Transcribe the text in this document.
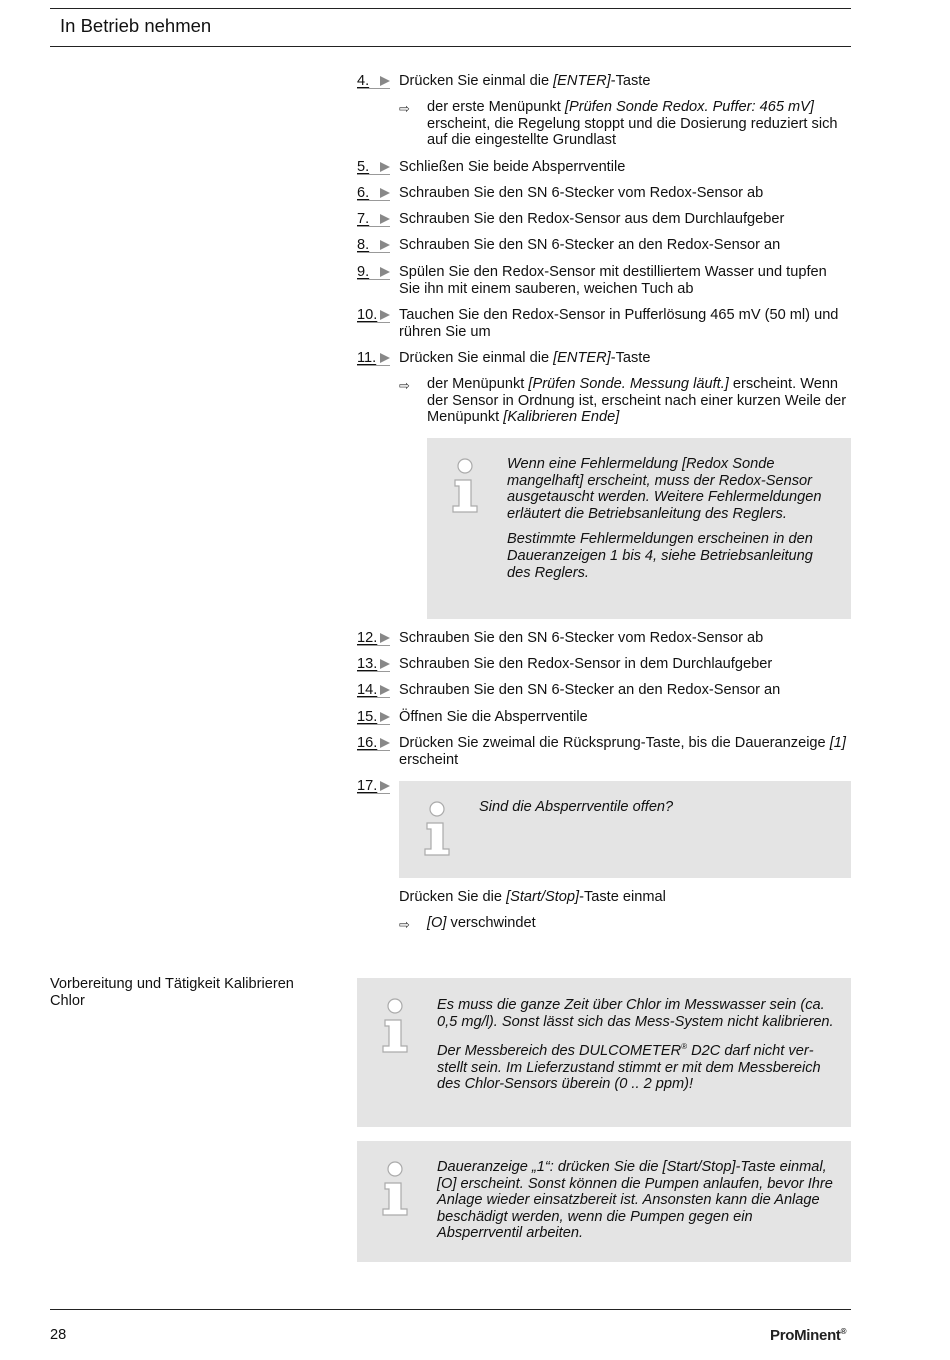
In Betrieb nehmen
4.	Drücken Sie einmal die [ENTER]-Taste
⇨ der erste Menüpunkt [Prüfen Sonde Redox. Puffer: 465 mV] erscheint, die Regelung stoppt und die Dosierung reduziert sich auf die eingestellte Grundlast
5.	Schließen Sie beide Absperrventile
6.	Schrauben Sie den SN 6-Stecker vom Redox-Sensor ab
7.	Schrauben Sie den Redox-Sensor aus dem Durchlaufgeber
8.	Schrauben Sie den SN 6-Stecker an den Redox-Sensor an
9.	Spülen Sie den Redox-Sensor mit destilliertem Wasser und tupfen Sie ihn mit einem sauberen, weichen Tuch ab
10.	Tauchen Sie den Redox-Sensor in Pufferlösung 465 mV (50 ml) und rühren Sie um
11.	Drücken Sie einmal die [ENTER]-Taste
⇨ der Menüpunkt [Prüfen Sonde. Messung läuft.] erscheint. Wenn der Sensor in Ordnung ist, erscheint nach einer kurzen Weile der Menüpunkt [Kalibrieren Ende]

Wenn eine Fehlermeldung [Redox Sonde mangelhaft] erscheint, muss der Redox-Sensor ausgetauscht werden. Weitere Fehlermeldungen erläutert die Betriebsanleitung des Reglers.

Bestimmte Fehlermeldungen erscheinen in den Daueranzeigen 1 bis 4, siehe Betriebsanleitung des Reglers.

12.	Schrauben Sie den SN 6-Stecker vom Redox-Sensor ab
13.	Schrauben Sie den Redox-Sensor in dem Durchlaufgeber
14.	Schrauben Sie den SN 6-Stecker an den Redox-Sensor an
15.	Öffnen Sie die Absperrventile
16.	Drücken Sie zweimal die Rücksprung-Taste, bis die Daueranzeige [1] erscheint
17.
Sind die Absperrventile offen?
Drücken Sie die [Start/Stop]-Taste einmal
⇨ [O] verschwindet
Vorbereitung und Tätigkeit Kalibrieren Chlor	Es muss die ganze Zeit über Chlor im Messwasser sein (ca. 0,5 mg/l). Sonst lässt sich das Mess-System nicht kalibrieren.

Der Messbereich des DULCOMETER® D2C darf nicht verstellt sein. Im Lieferzustand stimmt er mit dem Messbereich des Chlor-Sensors überein (0 .. 2 ppm)!

Daueranzeige „1“: drücken Sie die [Start/Stop]-Taste einmal, [O] erscheint. Sonst können die Pumpen anlaufen, bevor Ihre Anlage wieder einsatzbereit ist. Ansonsten kann die Anlage beschädigt werden, wenn die Pumpen gegen ein Absperrventil arbeiten.
28	ProMinent®
